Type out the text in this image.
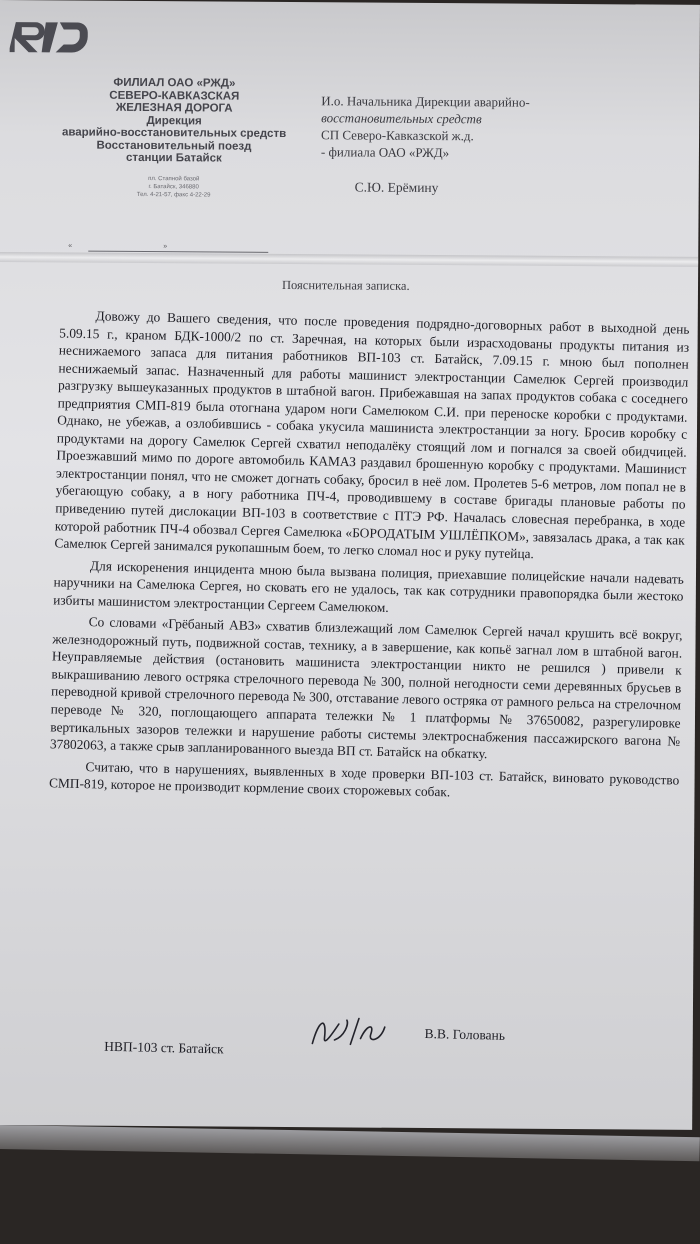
ФИЛИАЛ ОАО «РЖД»
СЕВЕРО-КАВКАЗСКАЯ
ЖЕЛЕЗНАЯ ДОРОГА
Дирекция
аварийно-восстановительных средств
Восстановительный поезд
станции Батайск
пл. Стапной базой
г. Батайск, 346880
Тел. 4-21-57, факс 4-22-29
«	»
И.о. Начальника Дирекции аварийно-
восстановительных средств
СП Северо-Кавказской ж.д.
- филиала ОАО «РЖД»
С.Ю. Ерёмину
Пояснительная записка.

Довожу до Вашего сведения, что после проведения подрядно-договорных работ в выходной день 5.09.15 г., краном БДК-1000/2 по ст. Заречная, на которых были израсходованы продукты питания из неснижаемого запаса для питания работников ВП-103 ст. Батайск, 7.09.15 г. мною был пополнен неснижаемый запас. Назначенный для работы машинист электростанции Самелюк Сергей производил разгрузку вышеуказанных продуктов в штабной вагон. Прибежавшая на запах продуктов собака с соседнего предприятия СМП-819 была отогнана ударом ноги Самелюком С.И. при переноске коробки с продуктами. Однако, не убежав, а озлобившись - собака укусила машиниста электростанции за ногу. Бросив коробку с продуктами на дорогу Самелюк Сергей схватил неподалёку стоящий лом и погнался за своей обидчицей. Проезжавший мимо по дороге автомобиль КАМАЗ раздавил брошенную коробку с продуктами. Машинист электростанции понял, что не сможет догнать собаку, бросил в неё лом. Пролетев 5-6 метров, лом попал не в убегающую собаку, а в ногу работника ПЧ-4, проводившему в составе бригады плановые работы по приведению путей дислокации ВП-103 в соответствие с ПТЭ РФ. Началась словесная перебранка, в ходе которой работник ПЧ-4 обозвал Сергея Самелюка «БОРОДАТЫМ УШЛЁПКОМ», завязалась драка, а так как Самелюк Сергей занимался рукопашным боем, то легко сломал нос и руку путейца.

Для искоренения инцидента мною была вызвана полиция, приехавшие полицейские начали надевать наручники на Самелюка Сергея, но сковать его не удалось, так как сотрудники правопорядка были жестоко избиты машинистом электростанции Сергеем Самелюком.

Со словами «Грёбаный АВЗ» схватив близлежащий лом Самелюк Сергей начал крушить всё вокруг, железнодорожный путь, подвижной состав, технику, а в завершение, как копьё загнал лом в штабной вагон. Неуправляемые действия (остановить машиниста электростанции никто не решился ) привели к выкрашиванию левого остряка стрелочного перевода № 300, полной негодности семи деревянных брусьев в переводной кривой стрелочного перевода № 300, отставание левого остряка от рамного рельса на стрелочном переводе № 320, поглощающего аппарата тележки № 1 платформы № 37650082, разрегулировке вертикальных зазоров тележки и нарушение работы системы электроснабжения пассажирского вагона № 37802063, а также срыв запланированного выезда ВП ст. Батайск на обкатку.

Считаю, что в нарушениях, выявленных в ходе проверки ВП-103 ст. Батайск, виновато руководство СМП-819, которое не производит кормление своих сторожевых собак.

НВП-103 ст. Батайск
В.В. Головань
